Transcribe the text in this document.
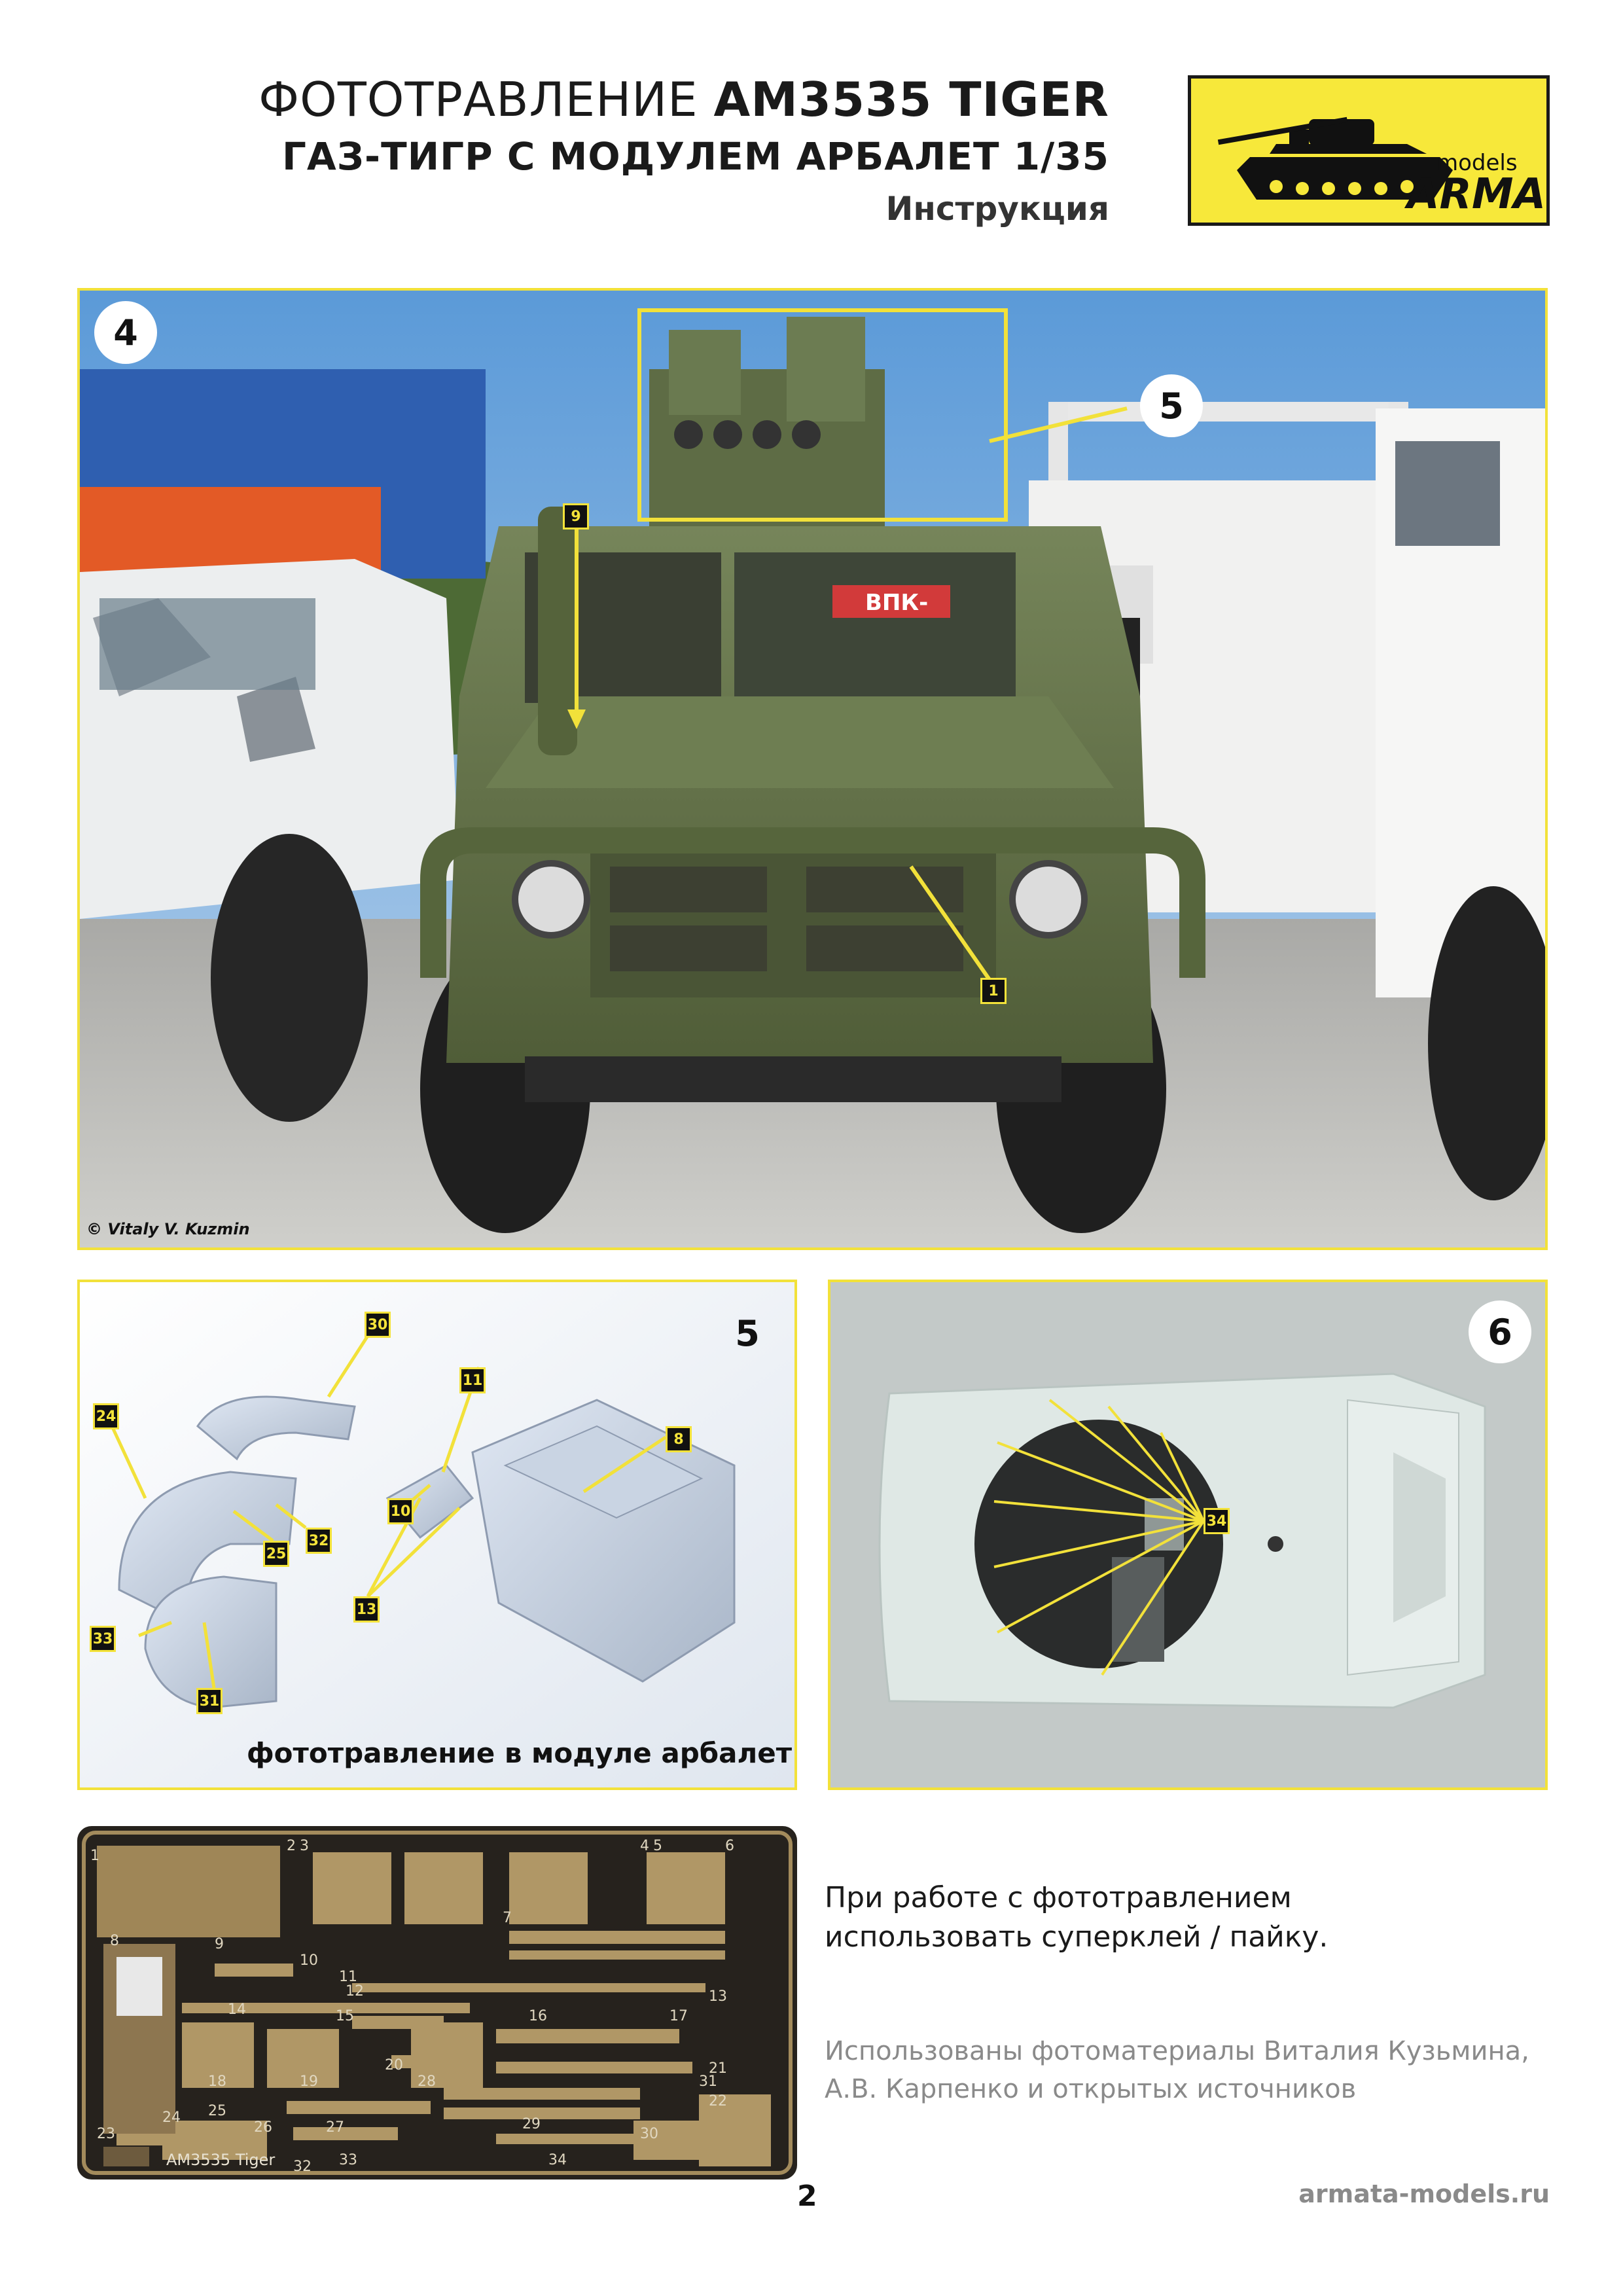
ФОТОТРАВЛЕНИЕ AM3535 TIGER
ГАЗ-ТИГР С МОДУЛЕМ АРБАЛЕТ 1/35
Инструкция
models
ARMA
ВПК-
4
5
9
1
© Vitaly V. Kuzmin
5
30
11
24
8
10
32
25
13
33
31
фототравление в модуле арбалет
6
34
AM3535 Tiger
1
2 3	4 5	6
7
8	9
10
11
12	13
14	15	16	17
18	19
20	21
22
23
24 25
26	27
28
29
30
31
32 33	34
При работе с фототравлением
использовать суперклей / пайку.
Использованы фотоматериалы Виталия Кузьмина,
А.В. Карпенко и открытых источников
2	armata-models.ru
